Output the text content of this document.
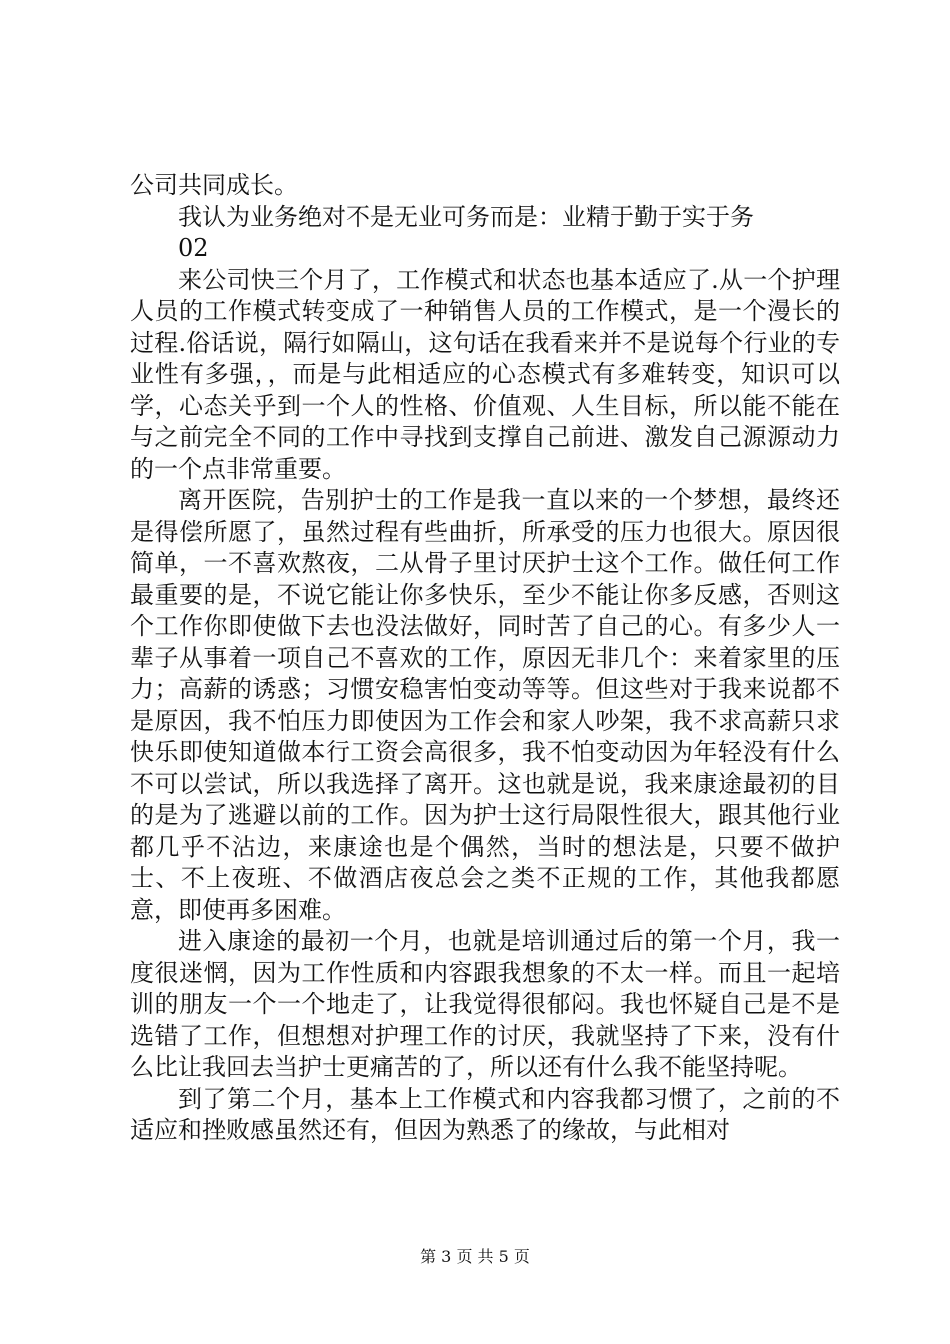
公司共同成长。

我认为业务绝对不是无业可务而是：业精于勤于实于务

02

来公司快三个月了，工作模式和状态也基本适应了.从一个护理人员的工作模式转变成了一种销售人员的工作模式，是一个漫长的过程.俗话说，隔行如隔山，这句话在我看来并不是说每个行业的专业性有多强，，而是与此相适应的心态模式有多难转变，知识可以学，心态关乎到一个人的性格、价值观、人生目标，所以能不能在与之前完全不同的工作中寻找到支撑自己前进、激发自己源源动力的一个点非常重要。

离开医院，告别护士的工作是我一直以来的一个梦想，最终还是得偿所愿了，虽然过程有些曲折，所承受的压力也很大。原因很简单，一不喜欢熬夜，二从骨子里讨厌护士这个工作。做任何工作最重要的是，不说它能让你多快乐，至少不能让你多反感，否则这个工作你即使做下去也没法做好，同时苦了自己的心。有多少人一辈子从事着一项自己不喜欢的工作，原因无非几个：来着家里的压力；高薪的诱惑；习惯安稳害怕变动等等。但这些对于我来说都不是原因，我不怕压力即使因为工作会和家人吵架，我不求高薪只求快乐即使知道做本行工资会高很多，我不怕变动因为年轻没有什么不可以尝试，所以我选择了离开。这也就是说，我来康途最初的目的是为了逃避以前的工作。因为护士这行局限性很大，跟其他行业都几乎不沾边，来康途也是个偶然，当时的想法是，只要不做护士、不上夜班、不做酒店夜总会之类不正规的工作，其他我都愿意，即使再多困难。

进入康途的最初一个月，也就是培训通过后的第一个月，我一度很迷惘，因为工作性质和内容跟我想象的不太一样。而且一起培训的朋友一个一个地走了，让我觉得很郁闷。我也怀疑自己是不是选错了工作，但想想对护理工作的讨厌，我就坚持了下来，没有什么比让我回去当护士更痛苦的了，所以还有什么我不能坚持呢。

到了第二个月，基本上工作模式和内容我都习惯了，之前的不适应和挫败感虽然还有，但因为熟悉了的缘故，与此相对

第 3 页 共 5 页
